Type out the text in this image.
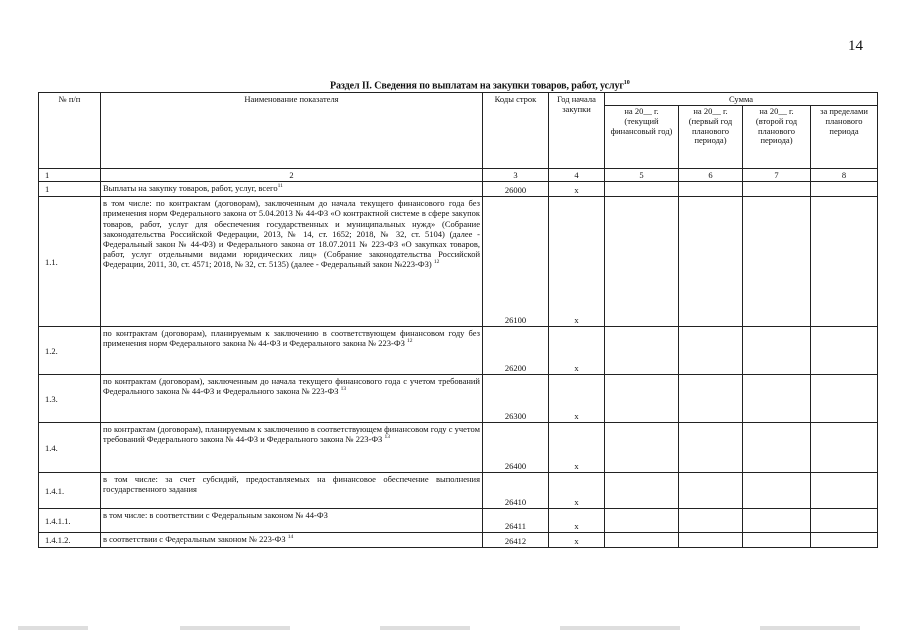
14
Раздел II. Сведения по выплатам на закупки товаров, работ, услуг$^{10}$
№ п/п	Наименование показателя	Коды строк	Год начала закупки	Сумма			
				на 20__ г. (текущий финансовый год)	на 20__ г. (первый год планового периода)	на 20__ г. (второй год планового периода)	за пределами планового периода
1	2	3	4	5	6	7	8
1	Выплаты на закупку товаров, работ, услуг, всего$^{11}$	26000	х				
1.1.	в том числе: по контрактам (договорам), заключенным до начала текущего финансового года без применения норм Федерального закона от 5.04.2013 № 44-ФЗ «О контрактной системе в сфере закупок товаров, работ, услуг для обеспечения государственных и муниципальных нужд» (Собрание законодательства Российской Федерации, 2013, № 14, ст. 1652; 2018, № 32, ст. 5104) (далее - Федеральный закон № 44-ФЗ) и Федерального закона от 18.07.2011 № 223-ФЗ «О закупках товаров, работ, услуг отдельными видами юридических лиц» (Собрание законодательства Российской Федерации, 2011, 30, ст. 4571; 2018, № 32, ст. 5135) (далее - Федеральный закон №223-ФЗ) $^{12}$	26100	х				
1.2.	по контрактам (договорам), планируемым к заключению в соответствующем финансовом году без применения норм Федерального закона № 44-ФЗ и Федерального закона № 223-ФЗ $^{12}$	26200	х				
1.3.	по контрактам (договорам), заключенным до начала текущего финансового года с учетом требований Федерального закона № 44-ФЗ и Федерального закона № 223-ФЗ $^{13}$	26300	х				
1.4.	по контрактам (договорам), планируемым к заключению в соответствующем финансовом году с учетом требований Федерального закона № 44-ФЗ и Федерального закона № 223-ФЗ $^{13}$	26400	х				
1.4.1.	в том числе: за счет субсидий, предоставляемых на финансовое обеспечение выполнения государственного задания	26410	х				
1.4.1.1.	в том числе: в соответствии с Федеральным законом № 44-ФЗ	26411	х				
1.4.1.2.	в соответствии с Федеральным законом № 223-ФЗ $^{14}$	26412	х				
